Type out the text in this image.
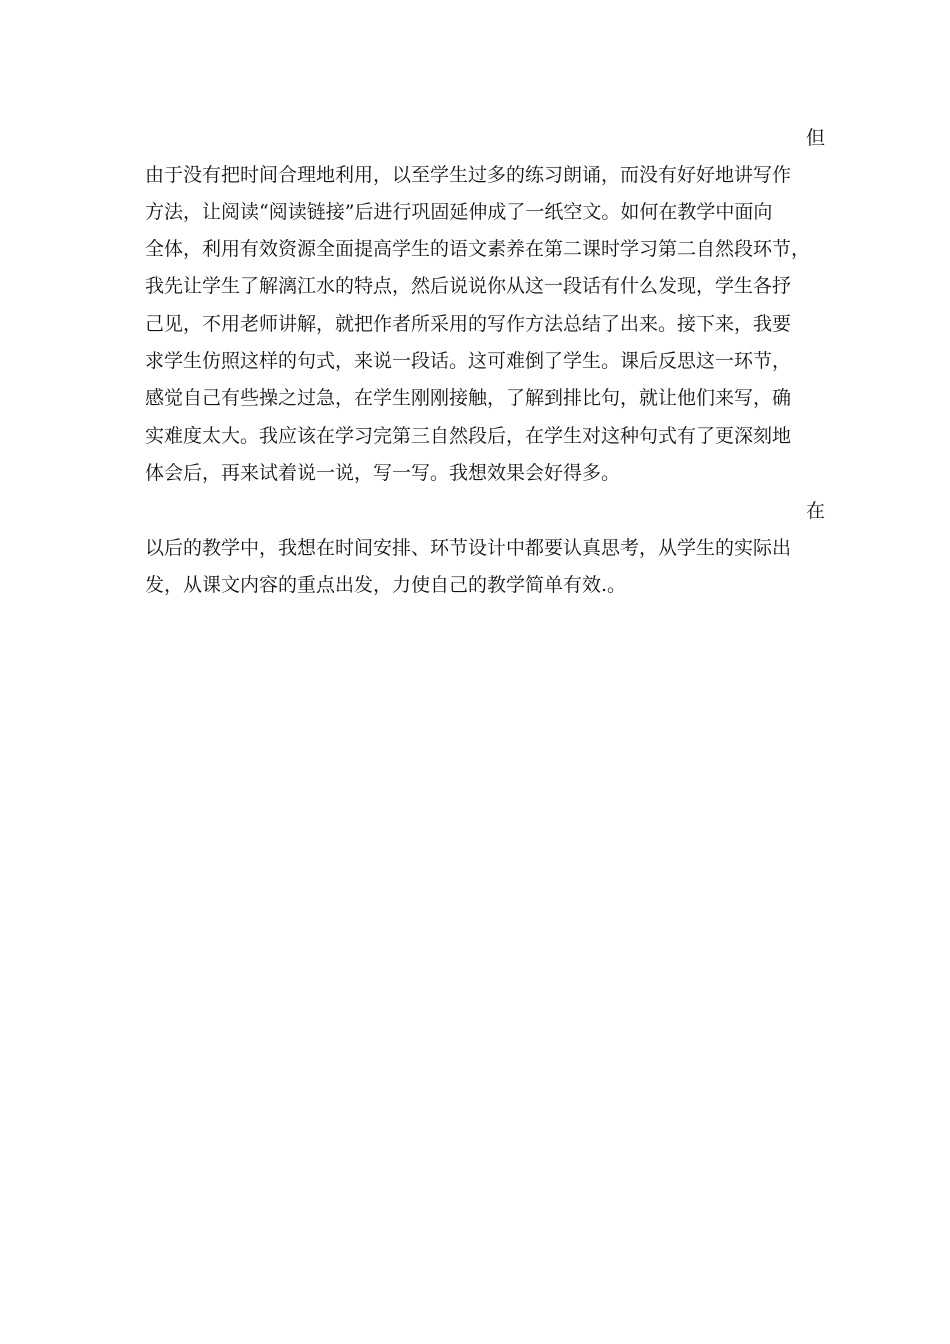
但
由于没有把时间合理地利用，以至学生过多的练习朗诵，而没有好好地讲写作
方法，让阅读“阅读链接”后进行巩固延伸成了一纸空文。如何在教学中面向
全体，利用有效资源全面提高学生的语文素养在第二课时学习第二自然段环节，
我先让学生了解漓江水的特点，然后说说你从这一段话有什么发现，学生各抒
己见，不用老师讲解，就把作者所采用的写作方法总结了出来。接下来，我要
求学生仿照这样的句式，来说一段话。这可难倒了学生。课后反思这一环节，
感觉自己有些操之过急，在学生刚刚接触，了解到排比句，就让他们来写，确
实难度太大。我应该在学习完第三自然段后，在学生对这种句式有了更深刻地
体会后，再来试着说一说，写一写。我想效果会好得多。
在
以后的教学中，我想在时间安排、环节设计中都要认真思考，从学生的实际出
发，从课文内容的重点出发，力使自己的教学简单有效.。
